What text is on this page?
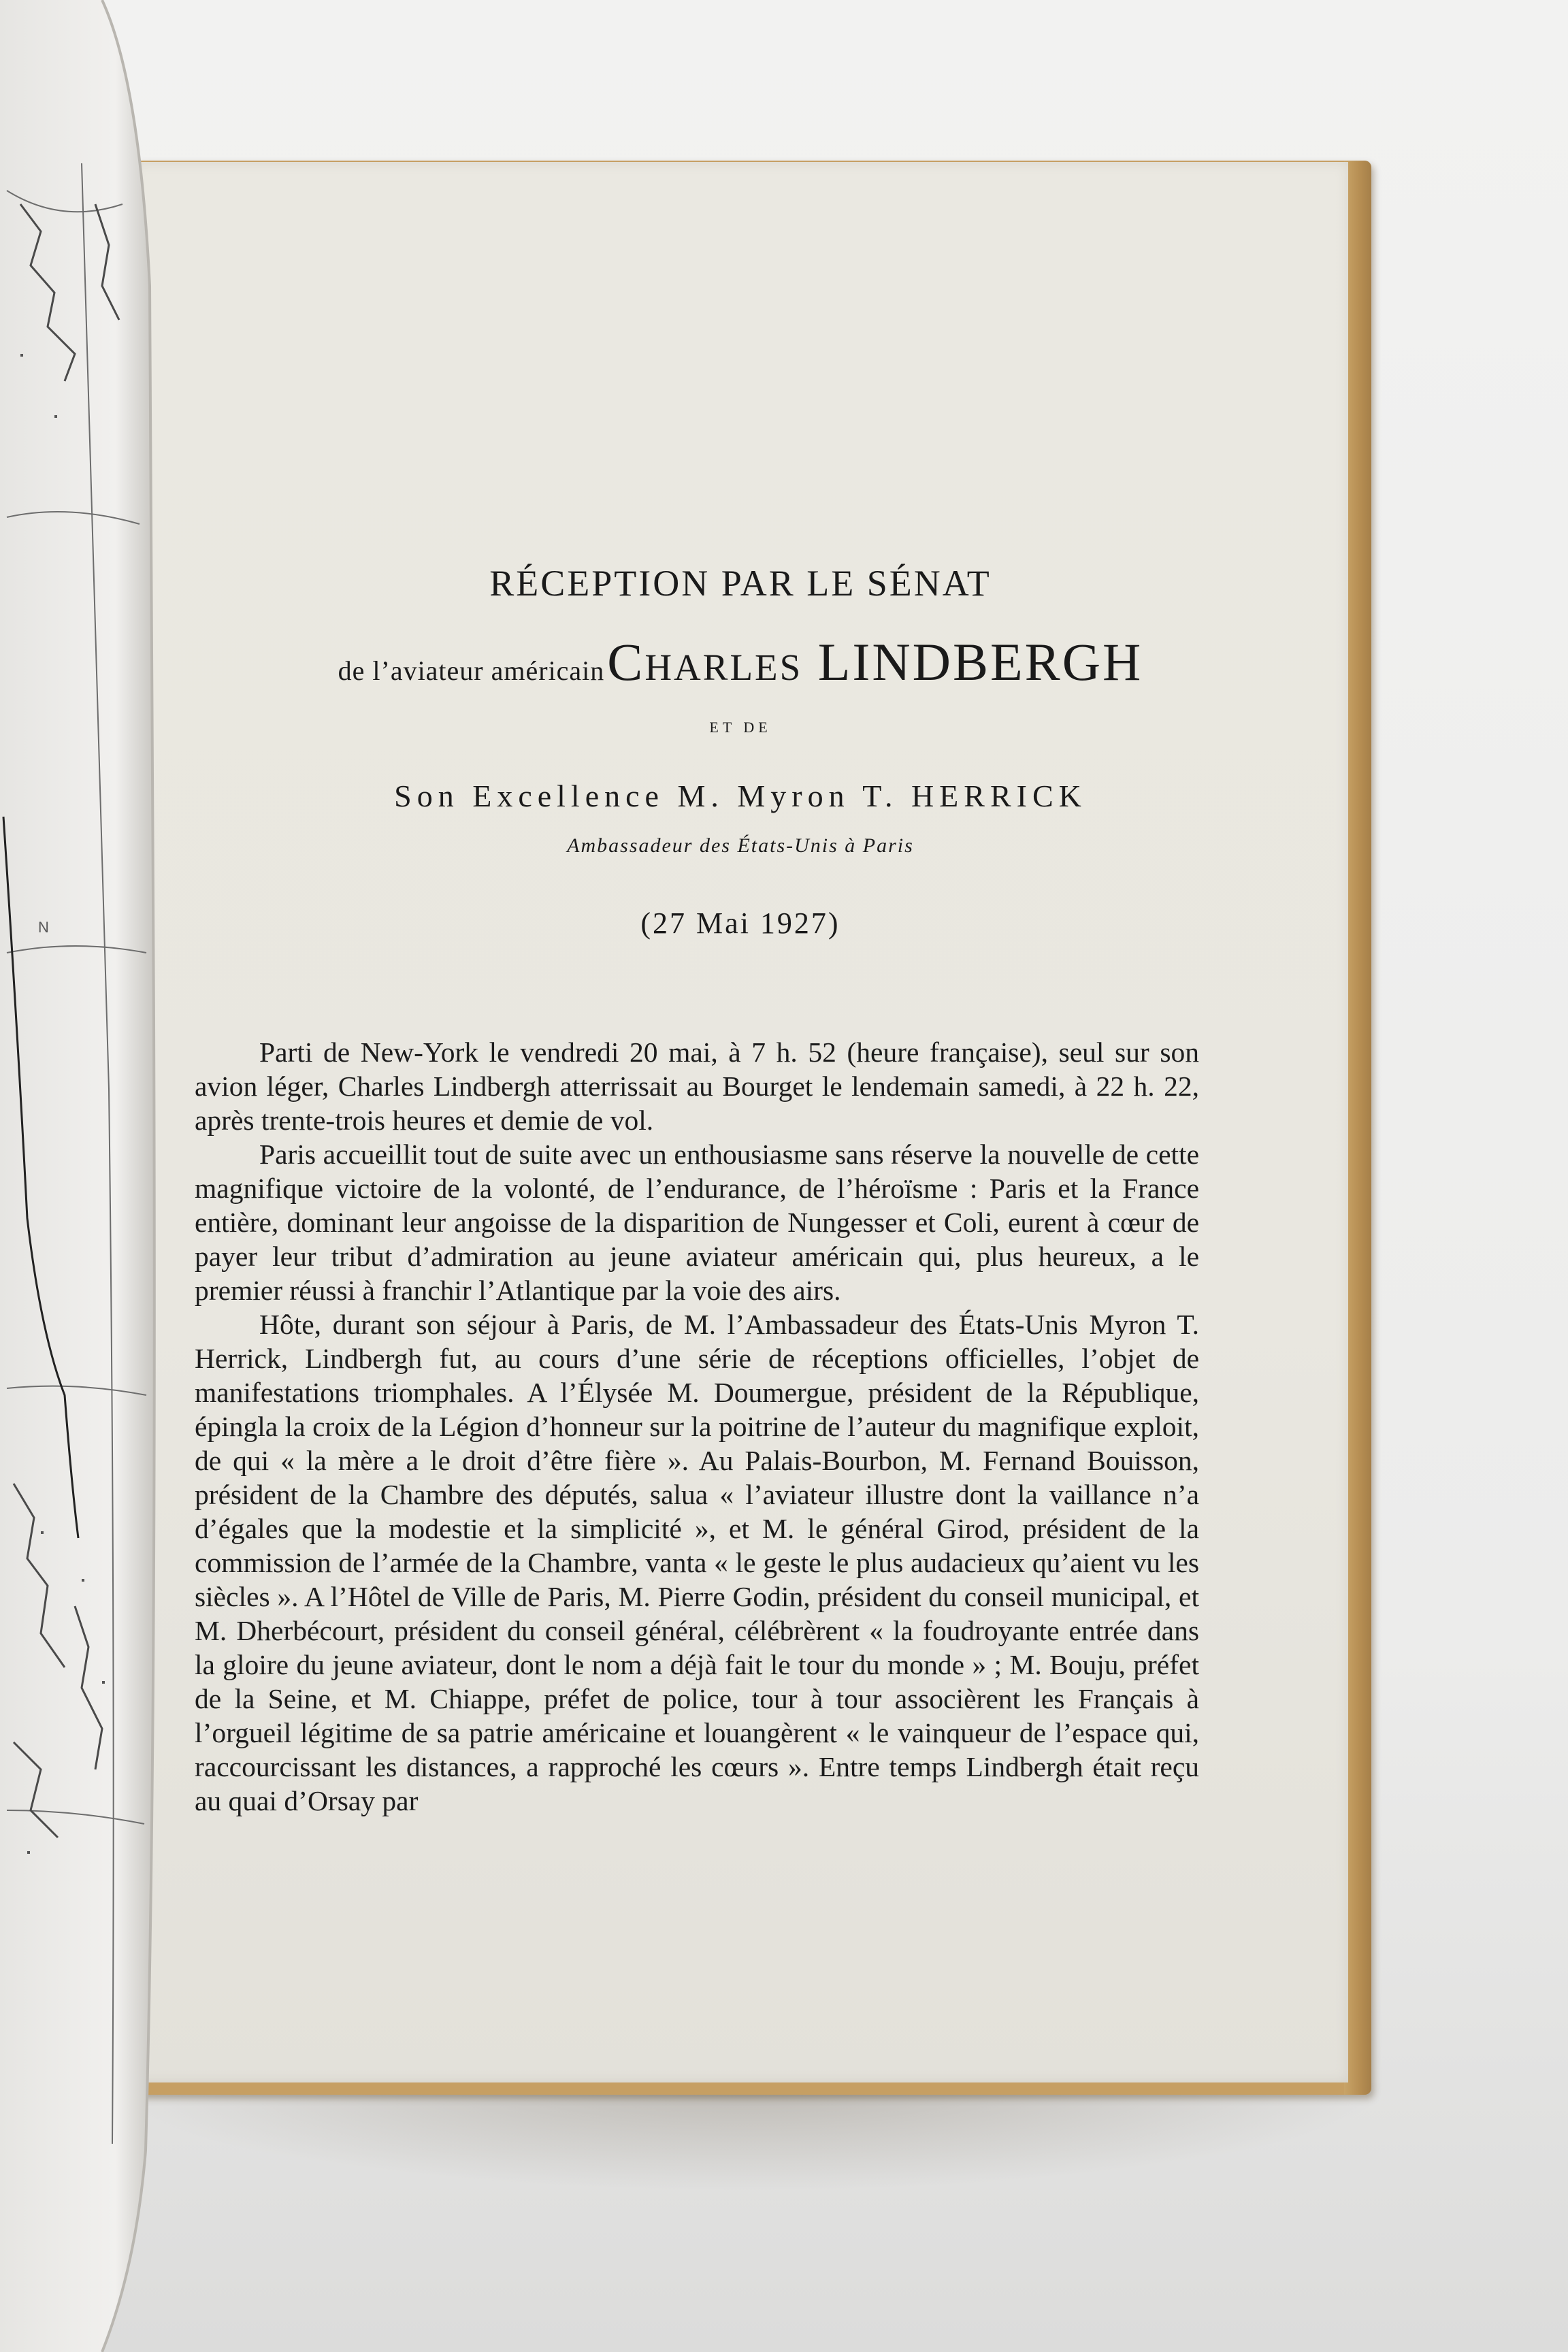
RÉCEPTION PAR LE SÉNAT
de l’aviateur américain Charles LINDBERGH
ET DE
Son Excellence M. Myron T. HERRICK
Ambassadeur des États-Unis à Paris
(27 Mai 1927)

Parti de New-York le vendredi 20 mai, à 7 h. 52 (heure française), seul sur son avion léger, Charles Lindbergh atterrissait au Bourget le lendemain samedi, à 22 h. 22, après trente-trois heures et demie de vol.

Paris accueillit tout de suite avec un enthousiasme sans réserve la nouvelle de cette magnifique victoire de la volonté, de l’endurance, de l’héroïsme : Paris et la France entière, dominant leur angoisse de la disparition de Nungesser et Coli, eurent à cœur de payer leur tribut d’admiration au jeune aviateur américain qui, plus heureux, a le premier réussi à franchir l’Atlantique par la voie des airs.

Hôte, durant son séjour à Paris, de M. l’Ambassadeur des États-Unis Myron T. Herrick, Lindbergh fut, au cours d’une série de réceptions officielles, l’objet de manifestations triomphales. A l’Élysée M. Doumergue, président de la République, épingla la croix de la Légion d’honneur sur la poitrine de l’auteur du magnifique exploit, de qui « la mère a le droit d’être fière ». Au Palais-Bourbon, M. Fernand Bouisson, président de la Chambre des députés, salua « l’aviateur illustre dont la vaillance n’a d’égales que la modestie et la simplicité », et M. le général Girod, président de la commission de l’armée de la Chambre, vanta « le geste le plus audacieux qu’aient vu les siècles ». A l’Hôtel de Ville de Paris, M. Pierre Godin, président du conseil municipal, et M. Dherbécourt, président du conseil général, célébrèrent « la foudroyante entrée dans la gloire du jeune aviateur, dont le nom a déjà fait le tour du monde » ; M. Bouju, préfet de la Seine, et M. Chiappe, préfet de police, tour à tour associèrent les Français à l’orgueil légitime de sa patrie américaine et louangèrent « le vainqueur de l’espace qui, raccourcissant les distances, a rapproché les cœurs ». Entre temps Lindbergh était reçu au quai d’Orsay par

N
